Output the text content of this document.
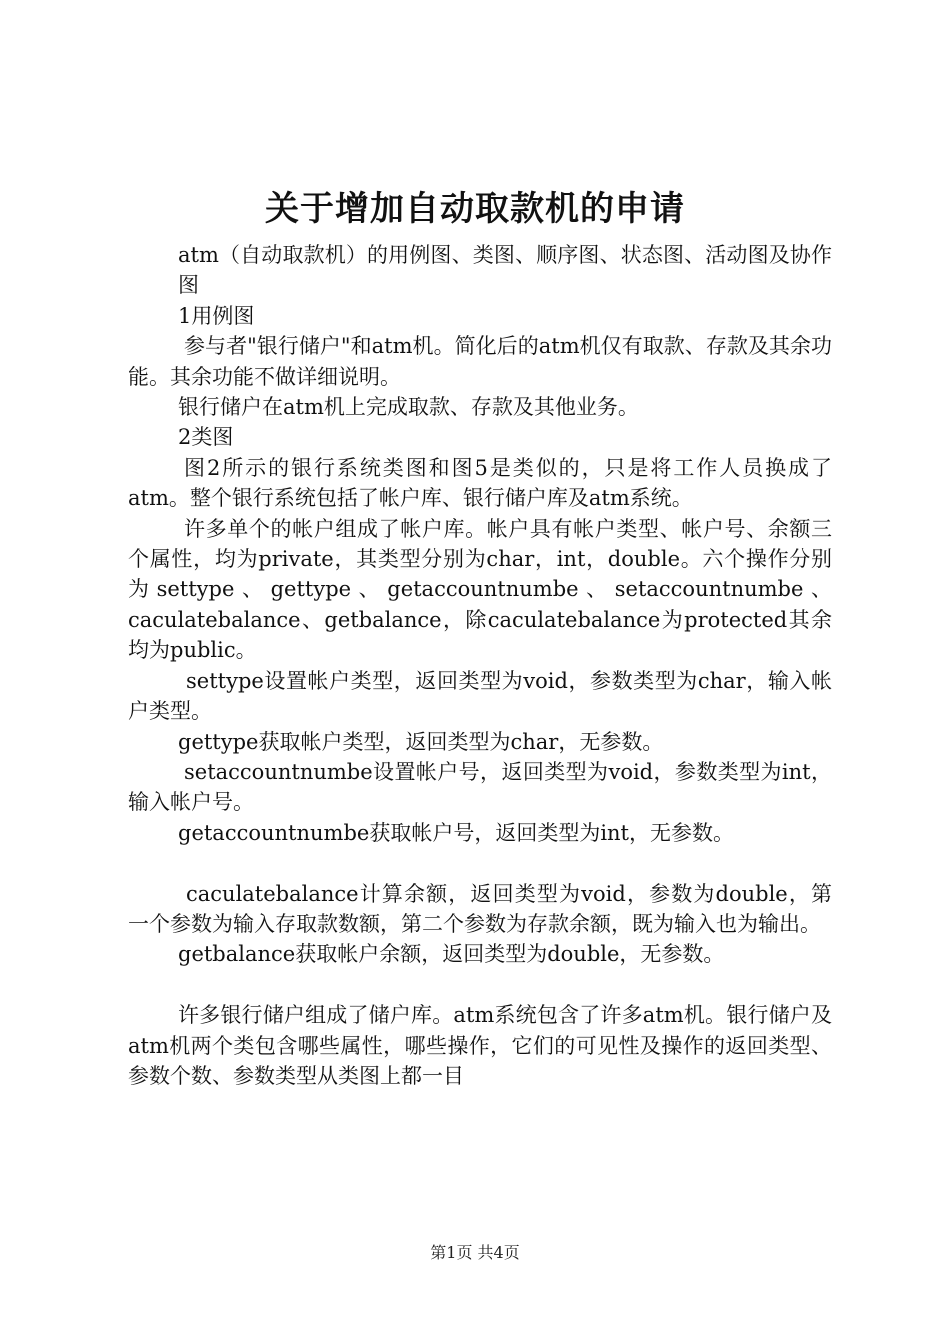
关于增加自动取款机的申请

atm（自动取款机）的用例图、类图、顺序图、状态图、活动图及协作图

1用例图

参与者"银行储户"和atm机。简化后的atm机仅有取款、存款及其余功能。其余功能不做详细说明。

银行储户在atm机上完成取款、存款及其他业务。

2类图

图2所示的银行系统类图和图5是类似的，只是将工作人员换成了atm。整个银行系统包括了帐户库、银行储户库及atm系统。

许多单个的帐户组成了帐户库。帐户具有帐户类型、帐户号、余额三个属性，均为private，其类型分别为char，int，double。六个操作分别为settype、gettype、getaccountnumbe、setaccountnumbe、caculatebalance、getbalance，除caculatebalance为protected其余均为public。

settype设置帐户类型，返回类型为void，参数类型为char，输入帐户类型。

gettype获取帐户类型，返回类型为char，无参数。

setaccountnumbe设置帐户号，返回类型为void，参数类型为int，输入帐户号。

getaccountnumbe获取帐户号，返回类型为int，无参数。

caculatebalance计算余额，返回类型为void，参数为double，第一个参数为输入存取款数额，第二个参数为存款余额，既为输入也为输出。

getbalance获取帐户余额，返回类型为double，无参数。

许多银行储户组成了储户库。atm系统包含了许多atm机。银行储户及atm机两个类包含哪些属性，哪些操作，它们的可见性及操作的返回类型、参数个数、参数类型从类图上都一目

第1页 共4页
